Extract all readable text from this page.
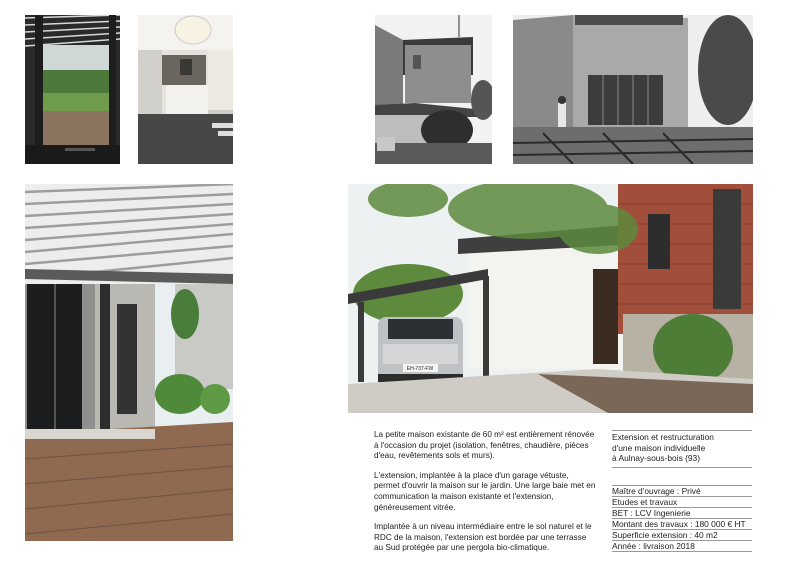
EH-737-FW

La petite maison existante de 60 m² est entièrement rénovée à l'occasion du projet (isolation, fenêtres, chaudière, pièces d'eau, revêtements sols et murs).

L'extension, implantée à la place d'un garage vétuste, permet d'ouvrir la maison sur le jardin. Une large baie met en communication la maison existante et l'extension, généreusement vitrée.

Implantée à un niveau intermédiaire entre le sol naturel et le RDC de la maison, l'extension est bordée par une terrasse au Sud protégée par une pergola bio-climatique.

Extension et restructuration
d'une maison individuelle
à Aulnay-sous-bois (93)
Maître d'ouvrage : Privé
Etudes et travaux
BET : LCV Ingenierie
Montant des travaux : 180 000 € HT
Superficie extension : 40 m2
Année : livraison 2018
